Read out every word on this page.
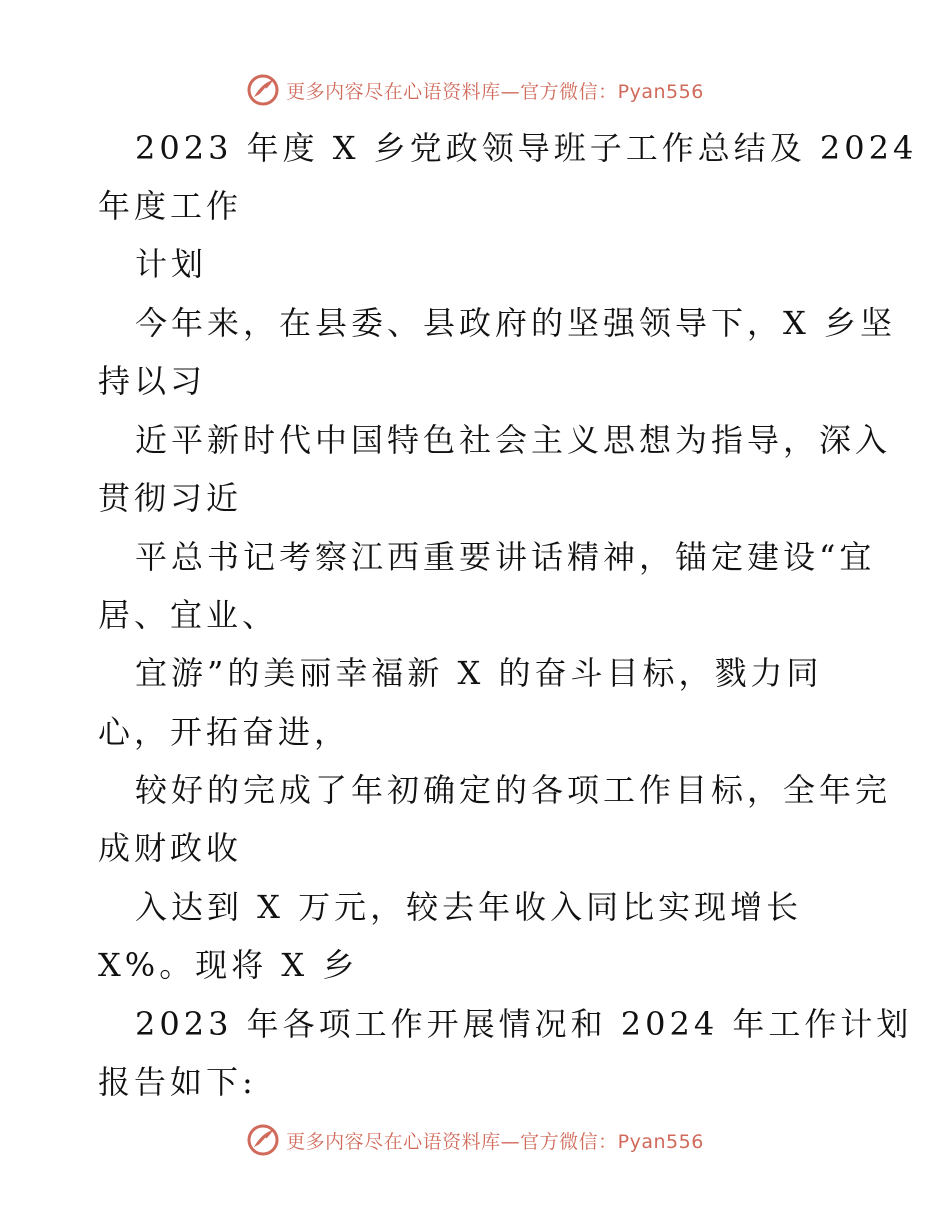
更多内容尽在心语资料库—官方微信：Pyan556
2023 年度 X 乡党政领导班子工作总结及 2024
年度工作
计划
今年来，在县委、县政府的坚强领导下，X 乡坚
持以习
近平新时代中国特色社会主义思想为指导，深入
贯彻习近
平总书记考察江西重要讲话精神，锚定建设“宜
居、宜业、
宜游”的美丽幸福新 X 的奋斗目标，戮力同
心，开拓奋进，
较好的完成了年初确定的各项工作目标，全年完
成财政收
入达到 X 万元，较去年收入同比实现增长
X%。现将 X 乡
2023 年各项工作开展情况和 2024 年工作计划
报告如下:
更多内容尽在心语资料库—官方微信：Pyan556
